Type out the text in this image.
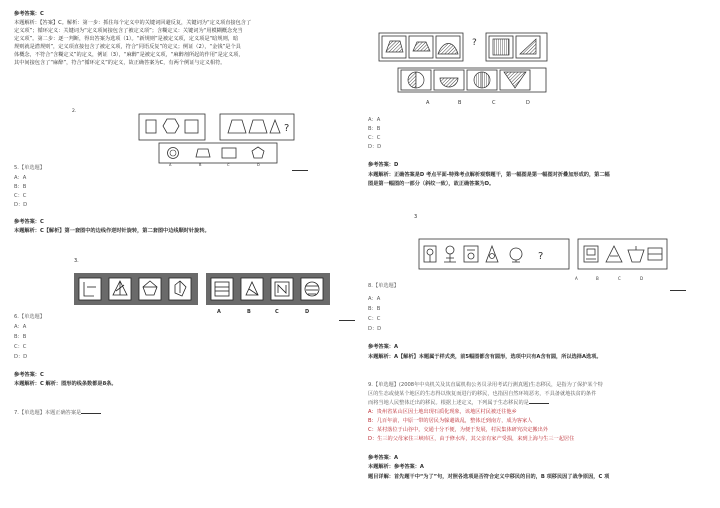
参考答案：C
本题解析：【答案】C。解析：第一步：抓住每个定义中的关键词回避反复，关键词为“定义项直接包含了
定义项”；循环定义：关键词为“定义项间接包含了被定义项”；含糊定义：关键词为“用模糊概念充当
定义项”。第二步：逐一判断，得出答案为选项（1）。“新规则”是被定义项，定义项是“暗规则，暗
规则就是潜规则”，定义项直接包含了被定义项，符合“同语反复”的定义；例证（2），“金钱”是个具
体概念，不符合“含糊定义”的定义，例证（3），“麻醉”是被定义项，“麻醉剂所起的作用”是定义项，
其中间接包含了“麻醉”，符合“循环定义”的定义，故正确答案为C，有两个例证与定义相符。
2.
?
A	B	C	D
5.【单选题】
A：A
B：B
C：C
D：D
参考答案：C
本题解析：C【解析】第一套图中的边线作逆时针旋转，第二套图中边线顺时针旋转。
3.
A	B	C	D
6.【单选题】
A：A
B：B
C：C
D：D
参考答案：C
本题解析：C 解析：图形的线条数都是8条。
7.【单选题】本题正确答案是
?
A	B	C	D
A：A
B：B
C：C
D：D
参考答案：D
本题解析：正确答案是D 考点平面-特殊考点解析观察题干，第一幅图是第一幅图对折叠加形成的，第二幅
图是第一幅图的一部分（斜纹一致），故正确答案为D。
3
?
A	B	C	D
8.【单选题】
A：A
B：B
C：C
D：D
参考答案：A
本题解析：A【解析】本题属于样式类，前5幅图都含有圆形，选项中只有A含有圆，所以选择A选项。
9.【单选题】(2008年中央机关及其直属机构公务员录用考试行测真题)生态移民，是指为了保护某个特
区的生态或使某个地区的生态得以恢复而进行的移民，也指因自然环境恶劣，不具备就地扶贫的条件
而将当地人民整体迁出的移民。根据上述定义，下列属于生态移民的是
A：贵州省某山区因土地出现石质化现象，该地区村民被迁往他乡
B：几百年前，中原一带的居民为躲避战乱，整体迁到南方，成为客家人
C：某村落位于山谷中，交通十分不便，为便于发展，村民集体研究决定搬出外
D：生三的父母家住三峡库区，由于修水库，其父亲有家产受损，来到上海与生三一起居住
参考答案：A
本题解析：参考答案：A
题目详解：首先题干中“为了”句，对照各选项是否符合定义中移民的目的，B 项移民因了战争原因，C 项
